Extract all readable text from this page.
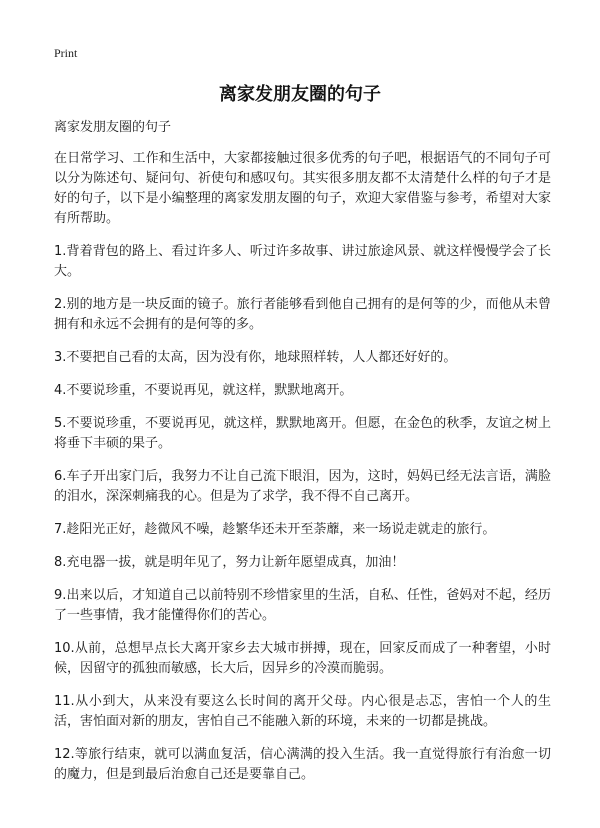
Print
离家发朋友圈的句子

离家发朋友圈的句子

在日常学习、工作和生活中，大家都接触过很多优秀的句子吧，根据语气的不同句子可以分为陈述句、疑问句、祈使句和感叹句。其实很多朋友都不太清楚什么样的句子才是好的句子，以下是小编整理的离家发朋友圈的句子，欢迎大家借鉴与参考，希望对大家有所帮助。

1.背着背包的路上、看过许多人、听过许多故事、讲过旅途风景、就这样慢慢学会了长大。

2.别的地方是一块反面的镜子。旅行者能够看到他自己拥有的是何等的少，而他从未曾拥有和永远不会拥有的是何等的多。

3.不要把自己看的太高，因为没有你，地球照样转，人人都还好好的。

4.不要说珍重，不要说再见，就这样，默默地离开。

5.不要说珍重，不要说再见，就这样，默默地离开。但愿，在金色的秋季，友谊之树上将垂下丰硕的果子。

6.车子开出家门后，我努力不让自己流下眼泪，因为，这时，妈妈已经无法言语，满脸的泪水，深深刺痛我的心。但是为了求学，我不得不自己离开。

7.趁阳光正好，趁微风不噪，趁繁华还未开至荼蘼，来一场说走就走的旅行。

8.充电器一拔，就是明年见了，努力让新年愿望成真，加油！

9.出来以后，才知道自己以前特别不珍惜家里的生活，自私、任性，爸妈对不起，经历了一些事情，我才能懂得你们的苦心。

10.从前，总想早点长大离开家乡去大城市拼搏，现在，回家反而成了一种奢望，小时候，因留守的孤独而敏感，长大后，因异乡的冷漠而脆弱。

11.从小到大，从来没有要这么长时间的离开父母。内心很是忐忑，害怕一个人的生活，害怕面对新的朋友，害怕自己不能融入新的环境，未来的一切都是挑战。

12.等旅行结束，就可以满血复活，信心满满的投入生活。我一直觉得旅行有治愈一切的魔力，但是到最后治愈自己还是要靠自己。
